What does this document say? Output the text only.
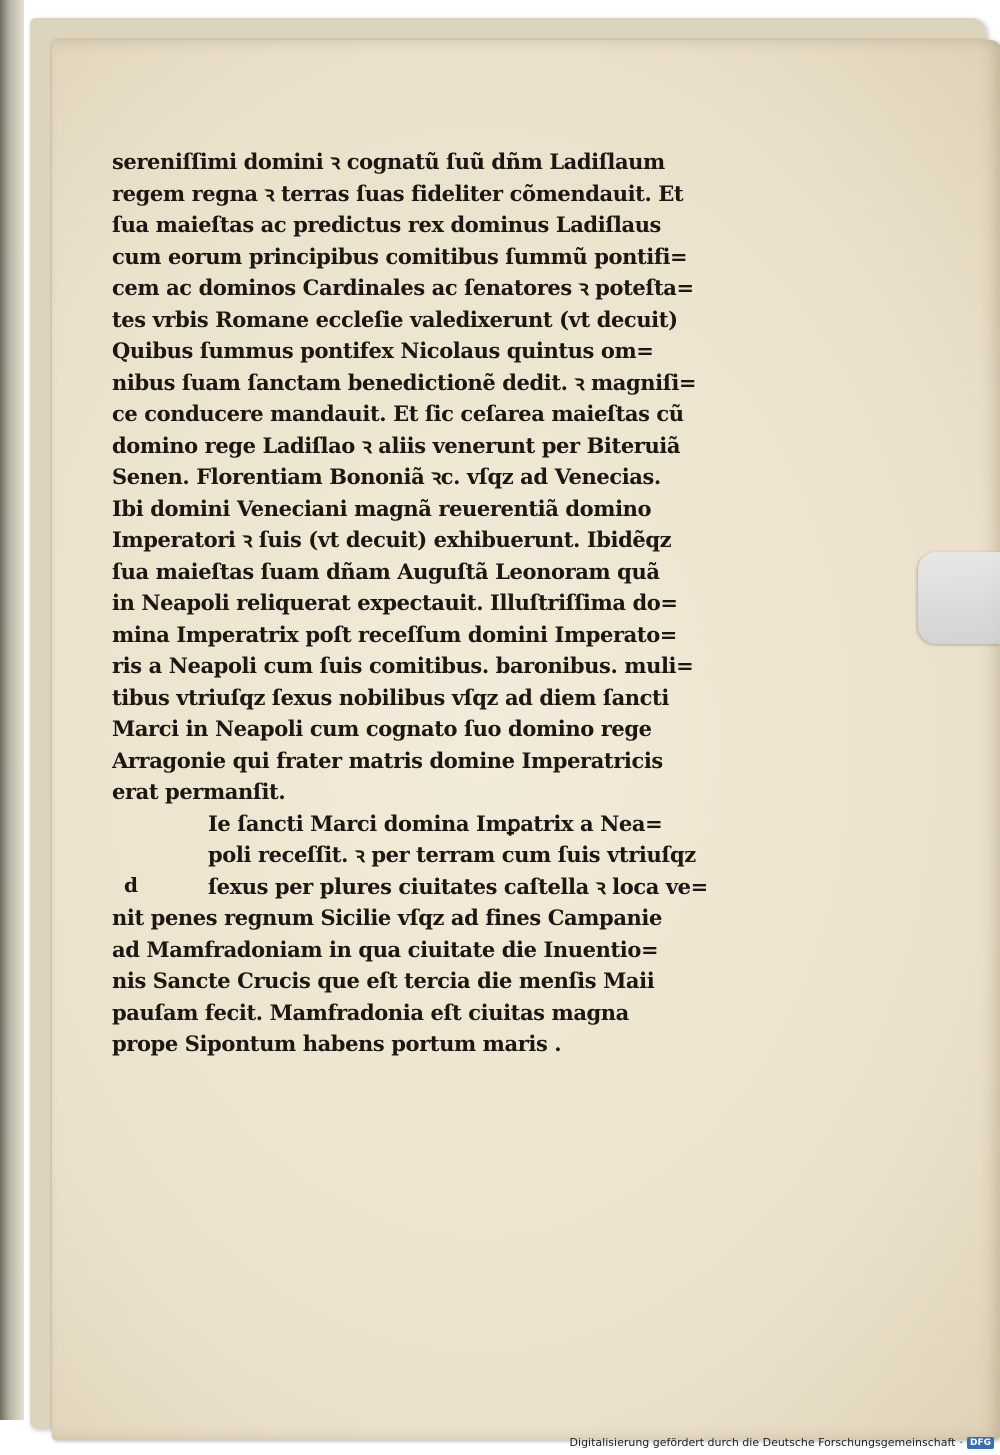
sereniſſimi domini ꝛ cognatũ ſuũ dñm Ladiſlaum
regem regna ꝛ terras ſuas fideliter cõmendauit. Et
ſua maieſtas ac predictus rex dominus Ladiſlaus
cum eorum principibus comitibus ſummũ pontifi=
cem ac dominos Cardinales ac ſenatores ꝛ poteſta=
tes vrbis Romane eccleſie valedixerunt (vt decuit)
Quibus ſummus pontifex Nicolaus quintus om=
nibus ſuam ſanctam benedictionẽ dedit. ꝛ magniſi=
ce conducere mandauit. Et ſic ceſarea maieſtas cũ
domino rege Ladiſlao ꝛ aliis venerunt per Biteruiã
Senen. Florentiam Bononiã ꝛc. vſqz ad Venecias.
Ibi domini Veneciani magnã reuerentiã domino
Imperatori ꝛ ſuis (vt decuit) exhibuerunt. Ibidẽqz
ſua maieſtas ſuam dñam Auguſtã Leonoram quã
in Neapoli reliquerat expectauit. Illuſtriſſima do=
mina Imperatrix poſt receſſum domini Imperato=
ris a Neapoli cum ſuis comitibus. baronibus. muli=
tibus vtriuſqz ſexus nobilibus vſqz ad diem ſancti
Marci in Neapoli cum cognato ſuo domino rege
Arragonie qui frater matris domine Imperatricis
erat permanſit.
Ie ſancti Marci domina Imꝑatrix a Nea=
poli receſſit. ꝛ per terram cum ſuis vtriuſqz
ſexus per plures ciuitates caſtella ꝛ loca ve=
nit penes regnum Sicilie vſqz ad fines Campanie
ad Mamfradoniam in qua ciuitate die Inuentio=
nis Sancte Crucis que eſt tercia die menſis Maii
pauſam fecit. Mamfradonia eſt ciuitas magna
prope Sipontum habens portum maris .
d
Digitalisierung gefördert durch die Deutsche Forschungsgemeinschaft · DFG
